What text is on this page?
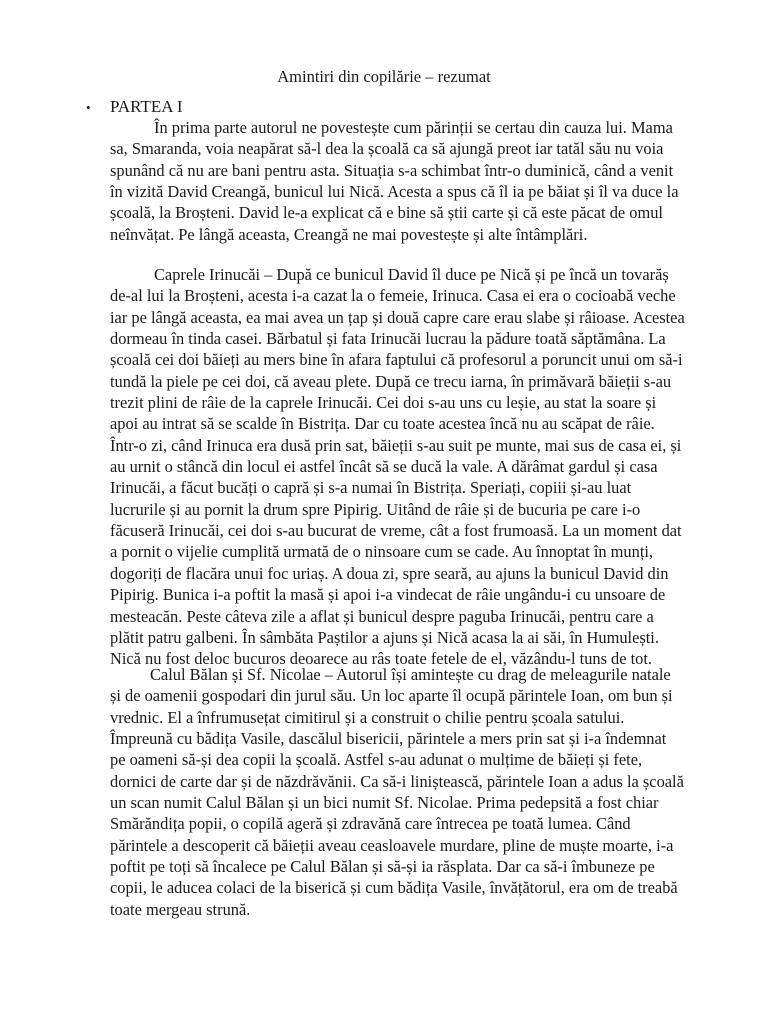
Amintiri din copilărie – rezumat
• PARTEA I

În prima parte autorul ne povestește cum părinții se certau din cauza lui. Mama sa, Smaranda, voia neapărat să-l dea la școală ca să ajungă preot iar tatăl său nu voia spunând că nu are bani pentru asta. Situația s-a schimbat într-o duminică, când a venit în vizită David Creangă, bunicul lui Nică. Acesta a spus că îl ia pe băiat și îl va duce la școală, la Broșteni. David le-a explicat că e bine să știi carte și că este păcat de omul neînvățat. Pe lângă aceasta, Creangă ne mai povestește și alte întâmplări.

Caprele Irinucăi – După ce bunicul David îl duce pe Nică și pe încă un tovarăș de-al lui la Broșteni, acesta i-a cazat la o femeie, Irinuca. Casa ei era o cocioabă veche iar pe lângă aceasta, ea mai avea un țap și două capre care erau slabe și râioase. Acestea dormeau în tinda casei. Bărbatul și fata Irinucăi lucrau la pădure toată săptămâna. La școală cei doi băieți au mers bine în afara faptului că profesorul a poruncit unui om să-i tundă la piele pe cei doi, că aveau plete. După ce trecu iarna, în primăvară băieții s-au trezit plini de râie de la caprele Irinucăi. Cei doi s-au uns cu leșie, au stat la soare și apoi au intrat să se scalde în Bistrița. Dar cu toate acestea încă nu au scăpat de râie. Într-o zi, când Irinuca era dusă prin sat, băieții s-au suit pe munte, mai sus de casa ei, și au urnit o stâncă din locul ei astfel încât să se ducă la vale. A dărâmat gardul și casa Irinucăi, a făcut bucăți o capră și s-a numai în Bistrița. Speriați, copiii și-au luat lucrurile și au pornit la drum spre Pipirig. Uitând de râie și de bucuria pe care i-o făcuseră Irinucăi, cei doi s-au bucurat de vreme, cât a fost frumoasă. La un moment dat a pornit o vijelie cumplită urmată de o ninsoare cum se cade. Au înnoptat în munți, dogoriți de flacăra unui foc uriaș. A doua zi, spre seară, au ajuns la bunicul David din Pipirig. Bunica i-a poftit la masă și apoi i-a vindecat de râie ungându-i cu unsoare de mesteacăn. Peste câteva zile a aflat și bunicul despre paguba Irinucăi, pentru care a plătit patru galbeni. În sâmbăta Paștilor a ajuns și Nică acasa la ai săi, în Humulești. Nică nu fost deloc bucuros deoarece au râs toate fetele de el, văzându-l tuns de tot.

Calul Bălan și Sf. Nicolae – Autorul își amintește cu drag de meleagurile natale și de oamenii gospodari din jurul său. Un loc aparte îl ocupă părintele Ioan, om bun și vrednic. El a înfrumusețat cimitirul și a construit o chilie pentru școala satului. Împreună cu bădița Vasile, dascălul bisericii, părintele a mers prin sat și i-a îndemnat pe oameni să-și dea copii la școală. Astfel s-au adunat o mulțime de băieți și fete, dornici de carte dar și de năzdrăvănii. Ca să-i liniștească, părintele Ioan a adus la școală un scan numit Calul Bălan și un bici numit Sf. Nicolae. Prima pedepsită a fost chiar Smărăndița popii, o copilă ageră și zdravănă care întrecea pe toată lumea. Când părintele a descoperit că băieții aveau ceasloavele murdare, pline de muște moarte, i-a poftit pe toți să încalece pe Calul Bălan și să-și ia răsplata. Dar ca să-i îmbuneze pe copii, le aducea colaci de la biserică și cum bădița Vasile, învățătorul, era om de treabă toate mergeau strună.
